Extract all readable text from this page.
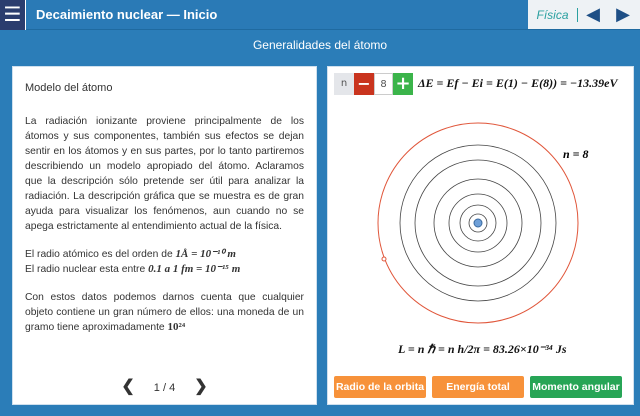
☰	Decaimiento nuclear — Inicio	Física ◀ ▶
Generalidades del átomo
Modelo del átomo

La radiación ionizante proviene principalmente de los átomos y sus componentes, también sus efectos se dejan sentir en los átomos y en sus partes, por lo tanto partiremos describiendo un modelo apropiado del átomo. Aclaramos que la descripción sólo pretende ser útil para analizar la radiación. La descripción gráfica que se muestra es de gran ayuda para visualizar los fenómenos, aun cuando no se apega estrictamente al entendimiento actual de la física.

El radio atómico es del orden de 1Å = 10⁻¹⁰ m
El radio nuclear esta entre 0.1 a 1 fm = 10⁻¹⁵ m

Con estos datos podemos darnos cuenta que cualquier objeto contiene un gran número de ellos: una moneda de un gramo tiene aproximadamente 10²⁴

❮ 1 / 4 ❯
n − 8 + ΔE = Ef − Ei = E(1) − E(8)) = −13.39eV
n = 8
L = n ℏ = n h/2π = 83.26×10⁻³⁴ Js
Radio de la orbita	Energía total	Momento angular
